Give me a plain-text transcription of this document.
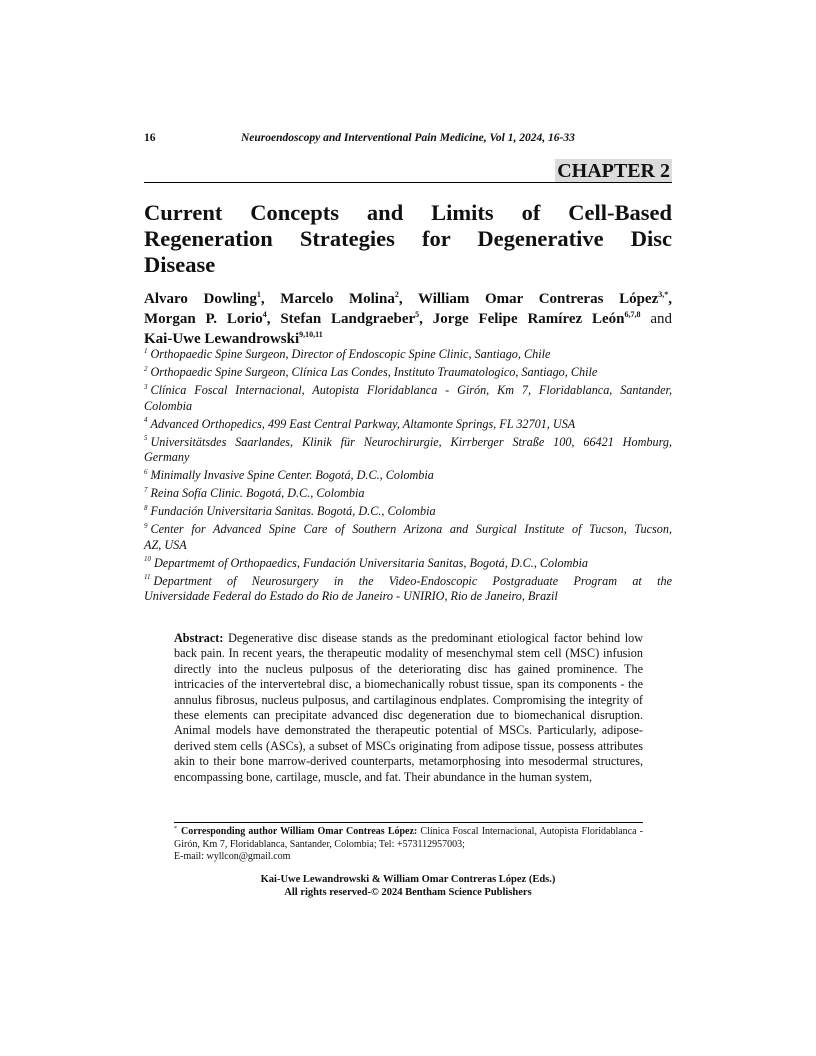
16	Neuroendoscopy and Interventional Pain Medicine, Vol 1, 2024, 16-33
CHAPTER 2
Current Concepts and Limits of Cell-Based
Regeneration Strategies for Degenerative Disc
Disease
Alvaro Dowling$^1$, Marcelo Molina$^2$, William Omar Contreras López$^{3,*}$,
Morgan P. Lorio$^4$, Stefan Landgraeber$^5$, Jorge Felipe Ramírez León$^{6,7,8}$ and
Kai-Uwe Lewandrowski$^{9,10,11}$
$^1$ Orthopaedic Spine Surgeon, Director of Endoscopic Spine Clinic, Santiago, Chile
$^2$ Orthopaedic Spine Surgeon, Clínica Las Condes, Instituto Traumatologico, Santiago, Chile
$^3$ Clínica Foscal Internacional, Autopista Floridablanca - Girón, Km 7, Floridablanca, Santander,
Colombia
$^4$ Advanced Orthopedics, 499 East Central Parkway, Altamonte Springs, FL 32701, USA
$^5$ Universitätsdes Saarlandes, Klinik für Neurochirurgie, Kirrberger Straße 100, 66421 Homburg,
Germany
$^6$ Minimally Invasive Spine Center. Bogotá, D.C., Colombia
$^7$ Reina Sofía Clinic. Bogotá, D.C., Colombia
$^8$ Fundación Universitaria Sanitas. Bogotá, D.C., Colombia
$^9$ Center for Advanced Spine Care of Southern Arizona and Surgical Institute of Tucson, Tucson,
AZ, USA
$^{10}$ Departmemt of Orthopaedics, Fundación Universitaria Sanitas, Bogotá, D.C., Colombia
$^{11}$ Department of Neurosurgery in the Video-Endoscopic Postgraduate Program at the
Universidade Federal do Estado do Rio de Janeiro - UNIRIO, Rio de Janeiro, Brazil
Abstract: Degenerative disc disease stands as the predominant etiological factor behind low back pain. In recent years, the therapeutic modality of mesenchymal stem cell (MSC) infusion directly into the nucleus pulposus of the deteriorating disc has gained prominence. The intricacies of the intervertebral disc, a biomechanically robust tissue, span its components - the annulus fibrosus, nucleus pulposus, and cartilaginous endplates. Compromising the integrity of these elements can precipitate advanced disc degeneration due to biomechanical disruption. Animal models have demonstrated the therapeutic potential of MSCs. Particularly, adipose-derived stem cells (ASCs), a subset of MSCs originating from adipose tissue, possess attributes akin to their bone marrow-derived counterparts, metamorphosing into mesodermal structures, encompassing bone, cartilage, muscle, and fat. Their abundance in the human system,
* Corresponding author William Omar Contreas López: Clínica Foscal Internacional, Autopista Floridablanca - Girón, Km 7, Floridablanca, Santander, Colombia; Tel: +573112957003;
E-mail: wyllcon@gmail.com
Kai-Uwe Lewandrowski & William Omar Contreras López (Eds.)
All rights reserved-© 2024 Bentham Science Publishers
